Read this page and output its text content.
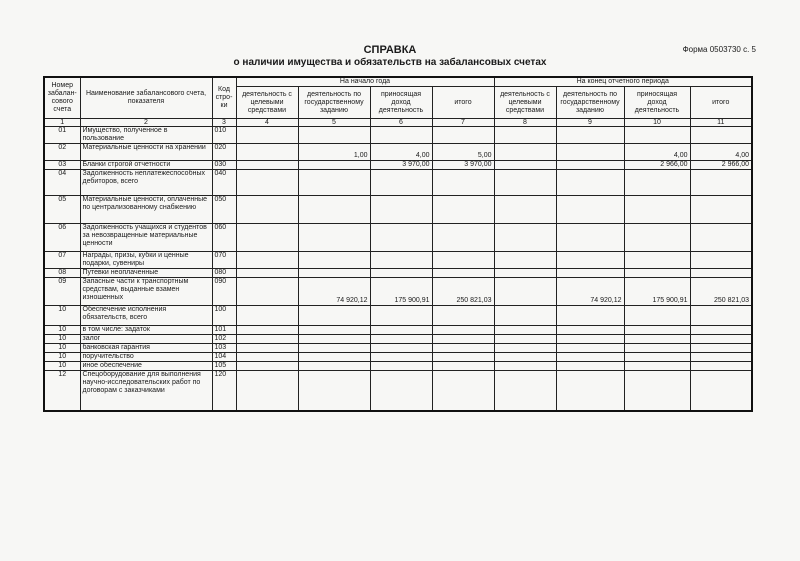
СПРАВКА
о наличии имущества и обязательств на забалансовых счетах
Форма 0503730 с. 5
Номер забалан- сового счета	Наименование забалансового счета, показателя	Код стро- ки	На начало года				На конец отчетного периода			
			деятельность с целевыми средствами	деятельность по государственному заданию	приносящая доход деятельность	итого	деятельность с целевыми средствами	деятельность по государственному заданию	приносящая доход деятельность	итого
1	2	3	4	5	6	7	8	9	10	11
01	Имущество, полученное в пользование	010								
02	Материальные ценности на хранении	020		1,00	4,00	5,00			4,00	4,00
03	Бланки строгой отчетности	030			3 970,00	3 970,00			2 966,00	2 966,00
04	Задолженность неплатежеспособных дебиторов, всего	040								
05	Материальные ценности, оплаченные по централизованному снабжению	050								
06	Задолженность учащихся и студентов за невозвращенные материальные ценности	060								
07	Награды, призы, кубки и ценные подарки, сувениры	070								
08	Путевки неоплаченные	080								
09	Запасные части к транспортным средствам, выданные взамен изношенных	090		74 920,12	175 900,91	250 821,03		74 920,12	175 900,91	250 821,03
10	Обеспечение исполнения обязательств, всего	100								
10	в том числе: задаток	101								
10	залог	102								
10	банковская гарантия	103								
10	поручительство	104								
10	иное обеспечение	105								
12	Спецоборудование для выполнения научно-исследовательских работ по договорам с заказчиками	120								
